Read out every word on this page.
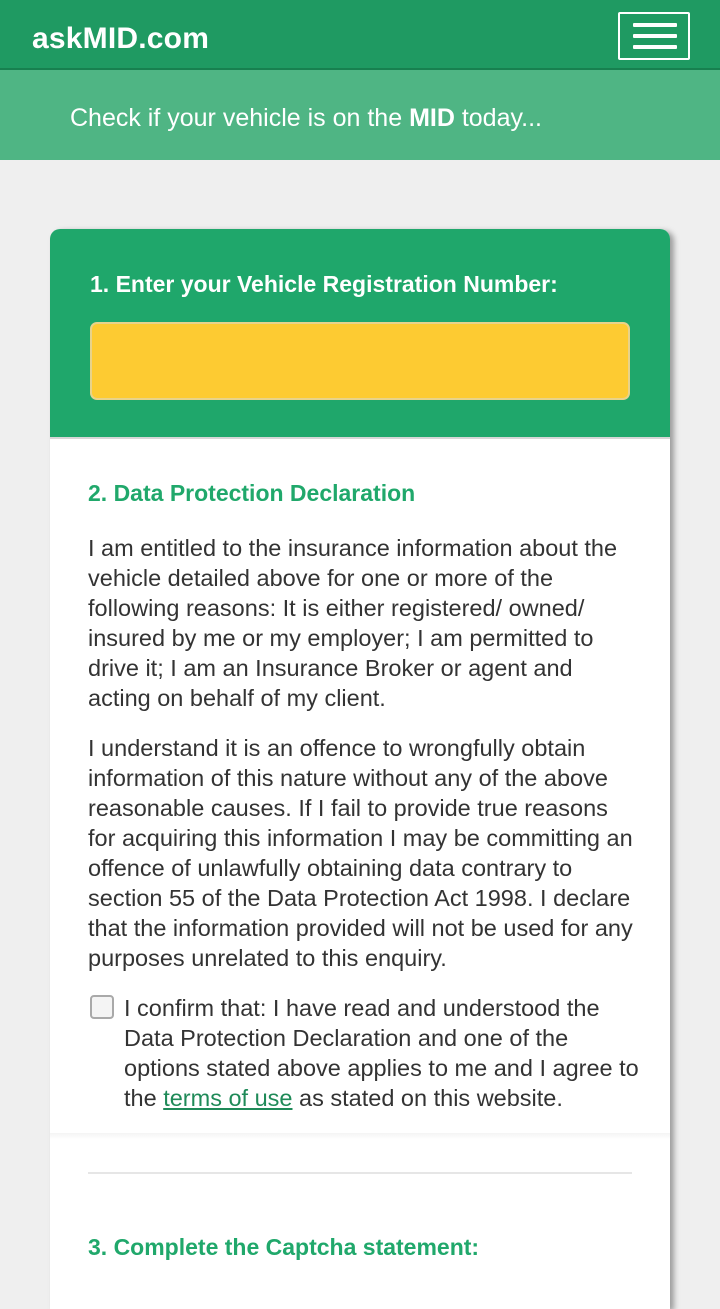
askMID.com
Check if your vehicle is on the MID today...
1. Enter your Vehicle Registration Number:
2. Data Protection Declaration
I am entitled to the insurance information about the vehicle detailed above for one or more of the following reasons: It is either registered/ owned/ insured by me or my employer; I am permitted to drive it; I am an Insurance Broker or agent and acting on behalf of my client.
I understand it is an offence to wrongfully obtain information of this nature without any of the above reasonable causes. If I fail to provide true reasons for acquiring this information I may be committing an offence of unlawfully obtaining data contrary to section 55 of the Data Protection Act 1998. I declare that the information provided will not be used for any purposes unrelated to this enquiry.
I confirm that: I have read and understood the Data Protection Declaration and one of the options stated above applies to me and I agree to the terms of use as stated on this website.
3. Complete the Captcha statement:
